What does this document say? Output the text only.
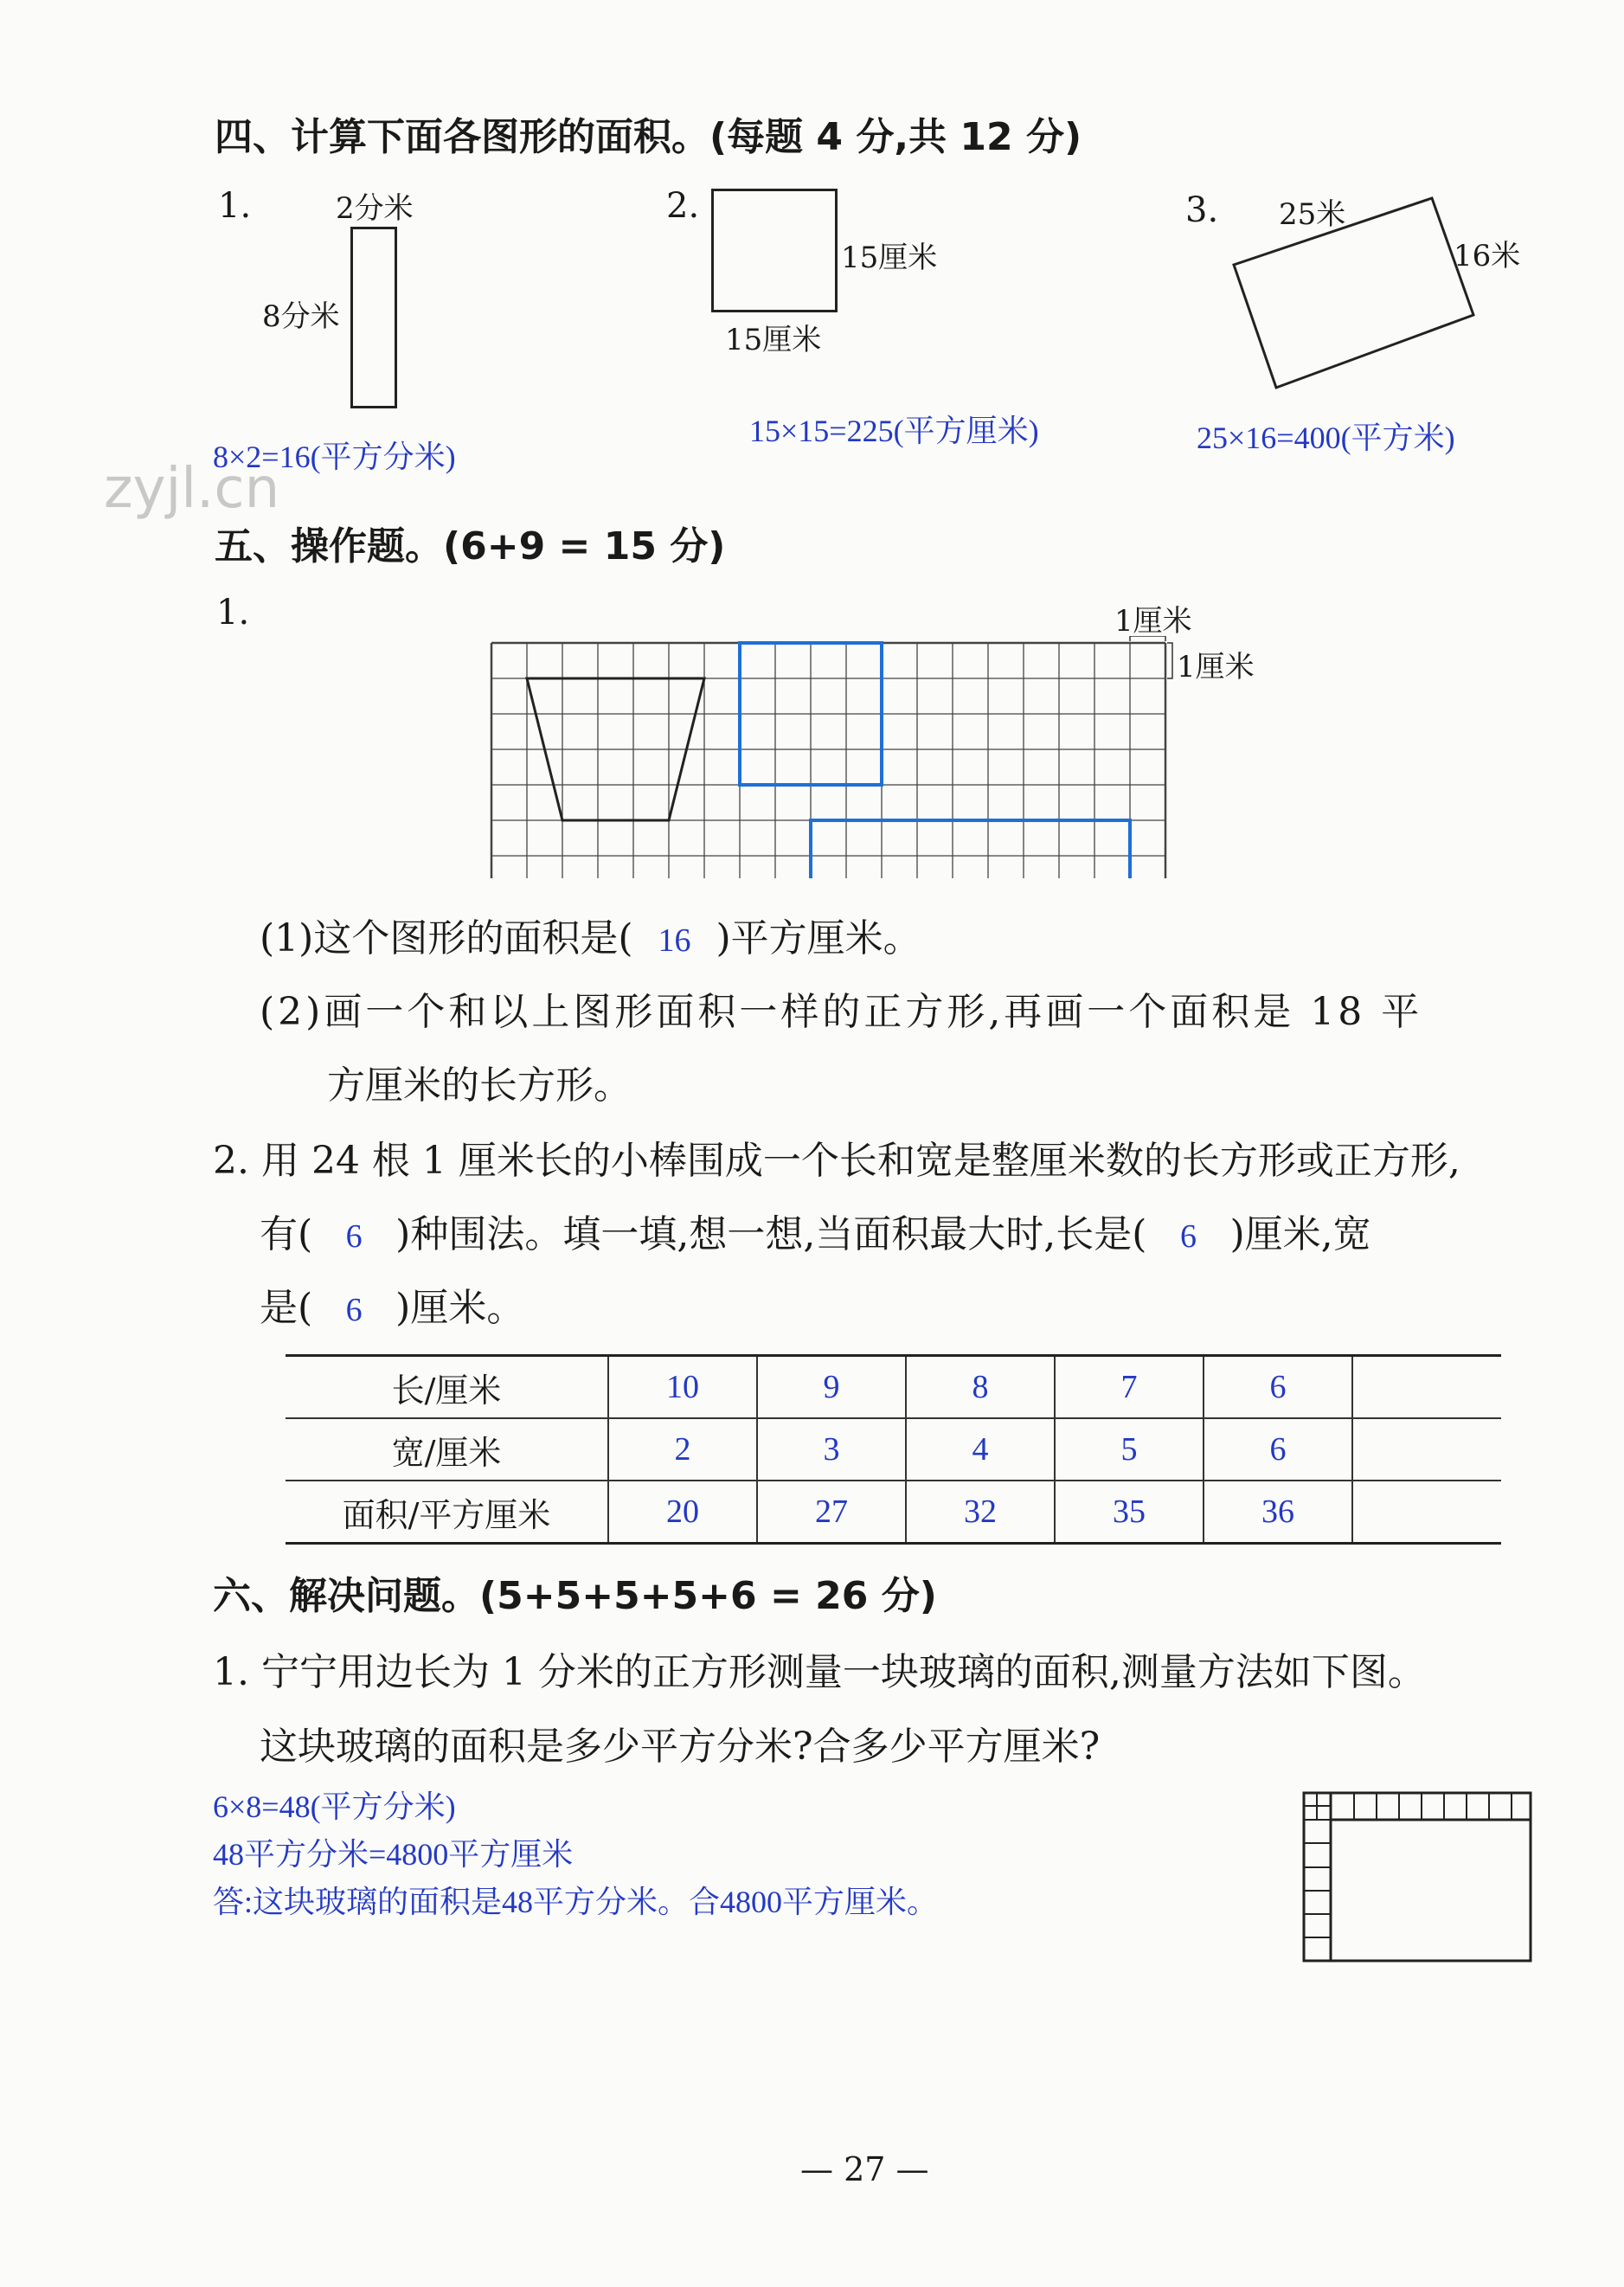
四、计算下面各图形的面积。(每题 4 分,共 12 分)
1.	2分米
8分米
8×2=16(平方分米)
2.
15厘米
15厘米
15×15=225(平方厘米)
3. 25米
16米
25×16=400(平方米)
zyjl.cn
五、操作题。(6+9 = 15 分)
1.	1厘米
1厘米
(1)这个图形的面积是( 16 )平方厘米。
(2)画一个和以上图形面积一样的正方形,再画一个面积是 18 平
方厘米的长方形。
2. 用 24 根 1 厘米长的小棒围成一个长和宽是整厘米数的长方形或正方形,
有( 6 )种围法。填一填,想一想,当面积最大时,长是( 6 )厘米,宽
是( 6 )厘米。
长/厘米	10	9	8	7	6	
宽/厘米	2	3	4	5	6	
面积/平方厘米	20	27	32	35	36	
六、解决问题。(5+5+5+5+6 = 26 分)
1. 宁宁用边长为 1 分米的正方形测量一块玻璃的面积,测量方法如下图。
这块玻璃的面积是多少平方分米?合多少平方厘米?
6×8=48(平方分米)
48平方分米=4800平方厘米
答:这块玻璃的面积是48平方分米。合4800平方厘米。
— 27 —
